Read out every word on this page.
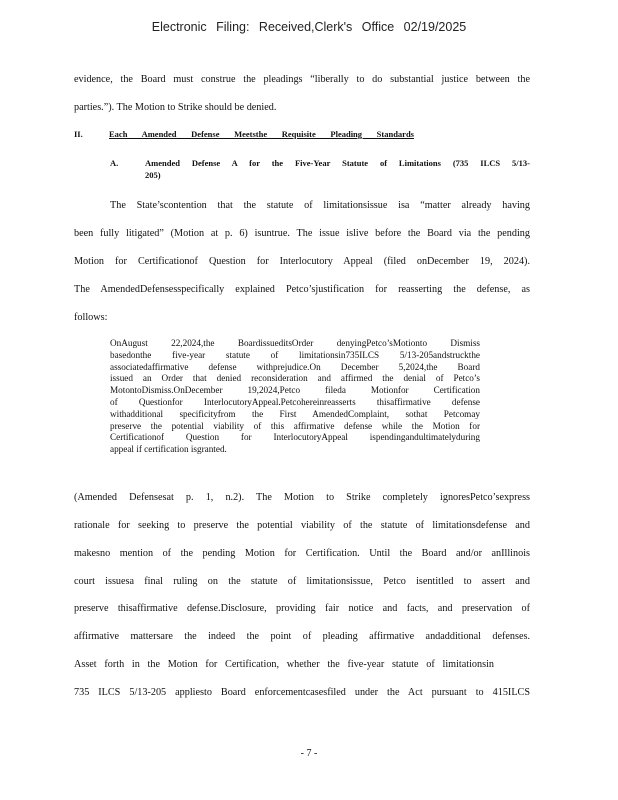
Electronic Filing: Received,Clerk's Office 02/19/2025
evidence, the Board must construe the pleadings “liberally to do substantial justice between the
parties.”). The Motion to Strike should be denied.
II.	Each Amended Defense Meetsthe Requisite Pleading Standards
A.	Amended Defense A for the Five-Year Statute of Limitations (735 ILCS 5/13-
205)
The State’scontention that the statute of limitationsissue isa “matter already having
been fully litigated” (Motion at p. 6) isuntrue. The issue islive before the Board via the pending
Motion for Certificationof Question for Interlocutory Appeal (filed onDecember 19, 2024).
The AmendedDefensesspecifically explained Petco’sjustification for reasserting the defense, as
follows:
OnAugust 22,2024,the BoardissueditsOrder denyingPetco’sMotionto Dismiss
basedonthe five-year statute of limitationsin735ILCS 5/13-205andstruckthe
associatedaffirmative defense withprejudice.On December 5,2024,the Board
issued an Order that denied reconsideration and affirmed the denial of Petco’s
MotontoDismiss.OnDecember 19,2024,Petco fileda Motionfor Certification
of Questionfor InterlocutoryAppeal.Petcohereinreasserts thisaffirmative defense
withadditional specificityfrom the First AmendedComplaint, sothat Petcomay
preserve the potential viability of this affirmative defense while the Motion for
Certificationof Question for InterlocutoryAppeal ispendingandultimatelyduring
appeal if certification isgranted.
(Amended Defensesat p. 1, n.2). The Motion to Strike completely ignoresPetco’sexpress
rationale for seeking to preserve the potential viability of the statute of limitationsdefense and
makesno mention of the pending Motion for Certification. Until the Board and/or anIllinois
court issuesa final ruling on the statute of limitationsissue, Petco isentitled to assert and
preserve thisaffirmative defense.Disclosure, providing fair notice and facts, and preservation of
affirmative mattersare the indeed the point of pleading affirmative andadditional defenses.
Asset forth in the Motion for Certification, whether the five-year statute of limitationsin
735 ILCS 5/13-205 appliesto Board enforcementcasesfiled under the Act pursuant to 415ILCS
- 7 -
